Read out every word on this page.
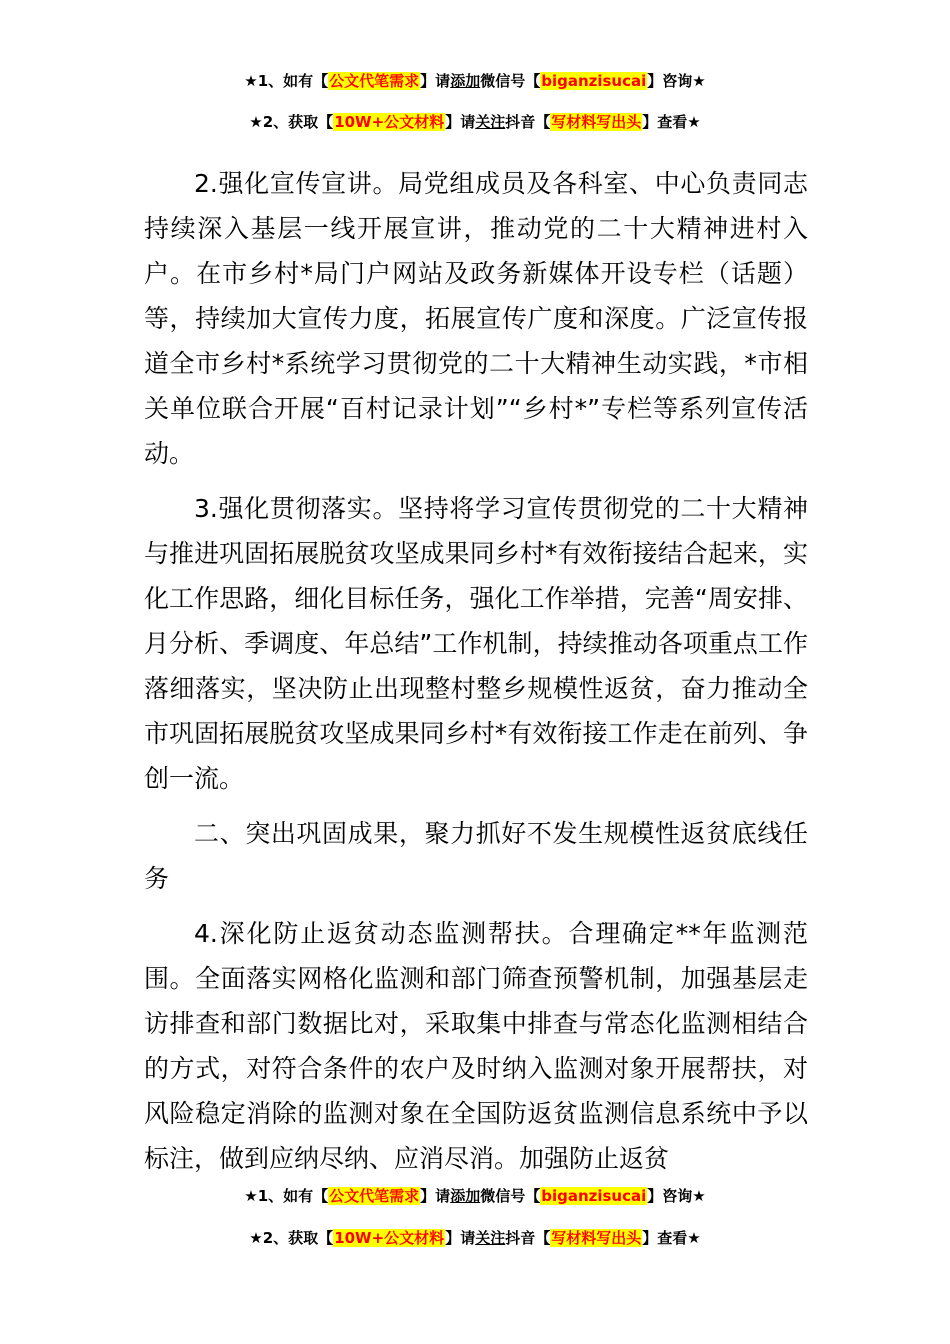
★1、如有【公文代笔需求】请添加微信号【biganzisucai】咨询★
★2、获取【10W+公文材料】请关注抖音【写材料写出头】查看★

2.强化宣传宣讲。局党组成员及各科室、中心负责同志持续深入基层一线开展宣讲，推动党的二十大精神进村入户。在市乡村*局门户网站及政务新媒体开设专栏（话题）等，持续加大宣传力度，拓展宣传广度和深度。广泛宣传报道全市乡村*系统学习贯彻党的二十大精神生动实践，*市相关单位联合开展“百村记录计划”“乡村*”专栏等系列宣传活动。

3.强化贯彻落实。坚持将学习宣传贯彻党的二十大精神与推进巩固拓展脱贫攻坚成果同乡村*有效衔接结合起来，实化工作思路，细化目标任务，强化工作举措，完善“周安排、月分析、季调度、年总结”工作机制，持续推动各项重点工作落细落实，坚决防止出现整村整乡规模性返贫，奋力推动全市巩固拓展脱贫攻坚成果同乡村*有效衔接工作走在前列、争创一流。

二、突出巩固成果，聚力抓好不发生规模性返贫底线任务

4.深化防止返贫动态监测帮扶。合理确定**年监测范围。全面落实网格化监测和部门筛查预警机制，加强基层走访排查和部门数据比对，采取集中排查与常态化监测相结合的方式，对符合条件的农户及时纳入监测对象开展帮扶，对风险稳定消除的监测对象在全国防返贫监测信息系统中予以标注，做到应纳尽纳、应消尽消。加强防止返贫

★1、如有【公文代笔需求】请添加微信号【biganzisucai】咨询★
★2、获取【10W+公文材料】请关注抖音【写材料写出头】查看★
